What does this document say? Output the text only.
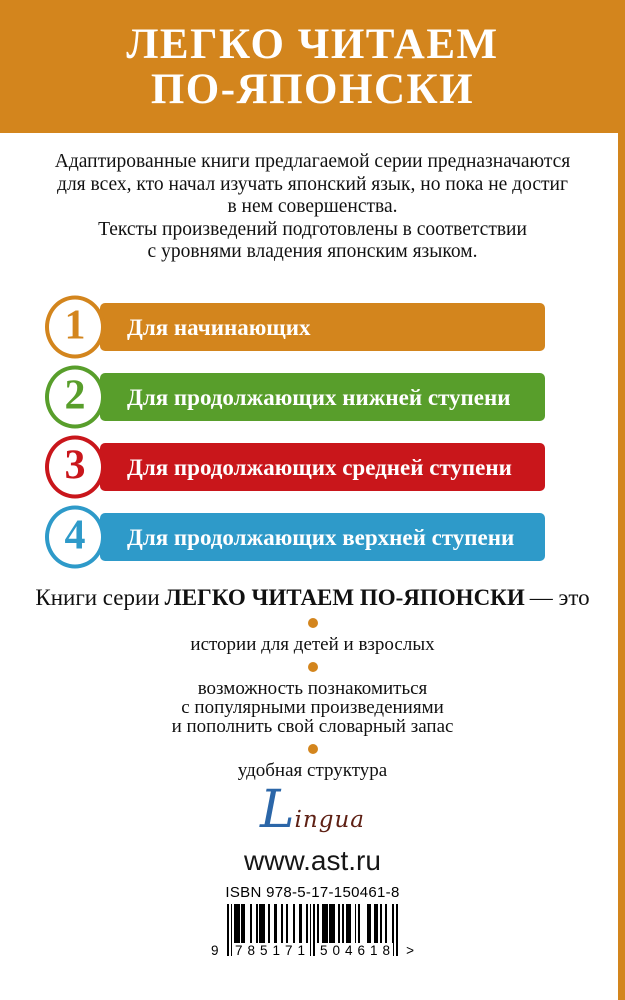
ЛЕГКО ЧИТАЕМ
ПО-ЯПОНСКИ
Адаптированные книги предлагаемой серии предназначаются
для всех, кто начал изучать японский язык, но пока не достиг
в нем совершенства.
Тексты произведений подготовлены в соответствии
с уровнями владения японским языком.
Для начинающих
1
Для продолжающих нижней ступени
2
Для продолжающих средней ступени
3
Для продолжающих верхней ступени
4
Книги серии ЛЕГКО ЧИТАЕМ ПО-ЯПОНСКИ — это
истории для детей и взрослых
возможность познакомиться
с популярными произведениями
и пополнить свой словарный запас
удобная структура
Lingua
www.ast.ru
ISBN 978-5-17-150461-8
9	785171 504618 >
